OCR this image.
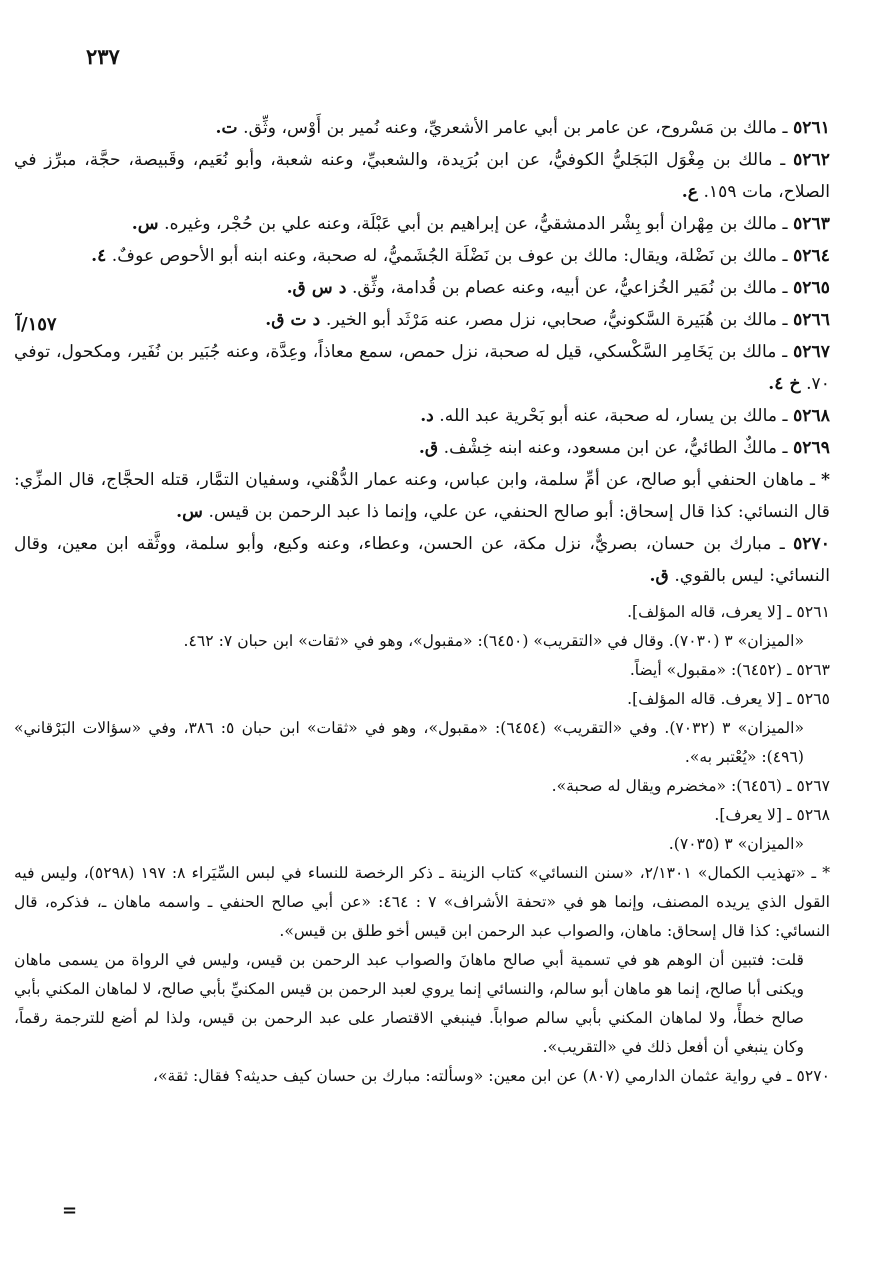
٢٣٧
١٥٧/آ
=

٥٢٦١ ـ مالك بن مَسْروح، عن عامر بن أبي عامر الأشعريِّ، وعنه نُمير بن أَوْس، وثِّق. ت.

٥٢٦٢ ـ مالك بن مِغْوَل البَجَليُّ الكوفيُّ، عن ابن بُرَيدة، والشعبيِّ، وعنه شعبة، وأبو نُعَيم، وقَبيصة، حجَّة، مبرِّز في الصلاح، مات ١٥٩. ع.

٥٢٦٣ ـ مالك بن مِهْران أبو بِشْر الدمشقيُّ، عن إبراهيم بن أبي عَبْلَة، وعنه علي بن حُجْر، وغيره. س.

٥٢٦٤ ـ مالك بن نَضْلة، ويقال: مالك بن عوف بن نَضْلَة الجُشَميُّ، له صحبة، وعنه ابنه أبو الأحوص عوفٌ. ٤.

٥٢٦٥ ـ مالك بن نُمَير الخُزاعيُّ، عن أبيه، وعنه عصام بن قُدامة، وثِّق. د س ق.

٥٢٦٦ ـ مالك بن هُبَيرة السَّكونيُّ، صحابي، نزل مصر، عنه مَرْثَد أبو الخير. د ت ق.

٥٢٦٧ ـ مالك بن يَخَامِر السَّكْسكي، قيل له صحبة، نزل حمص، سمع معاذاً، وعِدَّة، وعنه جُبَير بن نُفَير، ومكحول، توفي ٧٠. خ ٤.

٥٢٦٨ ـ مالك بن يسار، له صحبة، عنه أبو بَحْرية عبد الله. د.

٥٢٦٩ ـ مالكٌ الطائيُّ، عن ابن مسعود، وعنه ابنه خِشْف. ق.

* ـ ماهان الحنفي أبو صالح، عن أمِّ سلمة، وابن عباس، وعنه عمار الدُّهْني، وسفيان التمَّار، قتله الحجَّاج، قال المزِّي: قال النسائي: كذا قال إسحاق: أبو صالح الحنفي، عن علي، وإنما ذا عبد الرحمن بن قيس. س.

٥٢٧٠ ـ مبارك بن حسان، بصريٌّ، نزل مكة، عن الحسن، وعطاء، وعنه وكيع، وأبو سلمة، ووثَّقه ابن معين، وقال النسائي: ليس بالقوي. ق.

٥٢٦١ ـ [لا يعرف، قاله المؤلف].

«الميزان» ٣ (٧٠٣٠). وقال في «التقريب» (٦٤٥٠): «مقبول»، وهو في «ثقات» ابن حبان ٧: ٤٦٢.

٥٢٦٣ ـ (٦٤٥٢): «مقبول» أيضاً.

٥٢٦٥ ـ [لا يعرف. قاله المؤلف].

«الميزان» ٣ (٧٠٣٢). وفي «التقريب» (٦٤٥٤): «مقبول»، وهو في «ثقات» ابن حبان ٥: ٣٨٦، وفي «سؤالات البَرْقاني» (٤٩٦): «يُعْتبر به».

٥٢٦٧ ـ (٦٤٥٦): «مخضرم ويقال له صحبة».

٥٢٦٨ ـ [لا يعرف].

«الميزان» ٣ (٧٠٣٥).

* ـ «تهذيب الكمال» ٢/١٣٠١، «سنن النسائي» كتاب الزينة ـ ذكر الرخصة للنساء في لبس السِّيَراء ٨: ١٩٧ (٥٢٩٨)، وليس فيه القول الذي يريده المصنف، وإنما هو في «تحفة الأشراف» ٧ : ٤٦٤: «عن أبي صالح الحنفي ـ واسمه ماهان ـ، فذكره، قال النسائي: كذا قال إسحاق: ماهان، والصواب عبد الرحمن ابن قيس أخو طلق بن قيس».

قلت: فتبين أن الوهم هو في تسمية أبي صالح ماهانَ والصواب عبد الرحمن بن قيس، وليس في الرواة من يسمى ماهان ويكنى أبا صالح، إنما هو ماهان أبو سالم، والنسائي إنما يروي لعبد الرحمن بن قيس المكنيِّ بأبي صالح، لا لماهان المكني بأبي صالح خطأً، ولا لماهان المكني بأبي سالم صواباً. فينبغي الاقتصار على عبد الرحمن بن قيس، ولذا لم أضع للترجمة رقماً، وكان ينبغي أن أفعل ذلك في «التقريب».

٥٢٧٠ ـ في رواية عثمان الدارمي (٨٠٧) عن ابن معين: «وسألته: مبارك بن حسان كيف حديثه؟ فقال: ثقة»،
